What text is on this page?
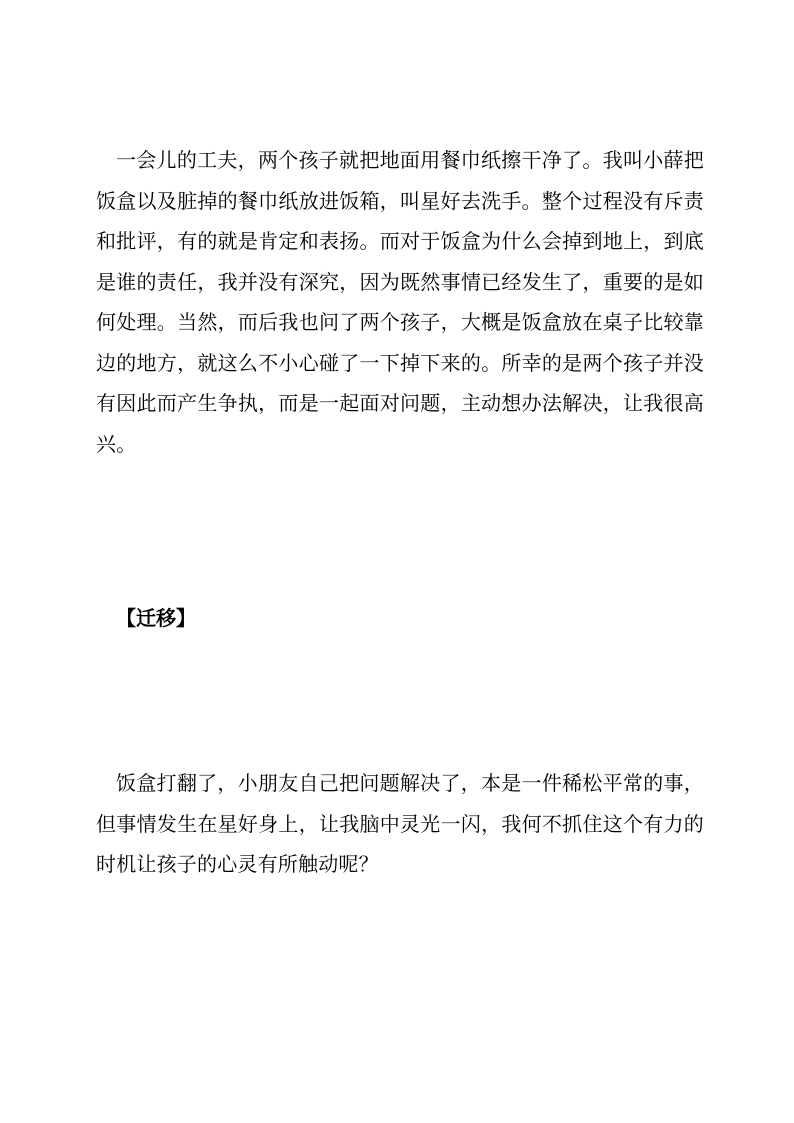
一会儿的工夫，两个孩子就把地面用餐巾纸擦干净了。我叫小薛把饭盒以及脏掉的餐巾纸放进饭箱，叫星好去洗手。整个过程没有斥责和批评，有的就是肯定和表扬。而对于饭盒为什么会掉到地上，到底是谁的责任，我并没有深究，因为既然事情已经发生了，重要的是如何处理。当然，而后我也问了两个孩子，大概是饭盒放在桌子比较靠边的地方，就这么不小心碰了一下掉下来的。所幸的是两个孩子并没有因此而产生争执，而是一起面对问题，主动想办法解决，让我很高兴。

【迁移】

饭盒打翻了，小朋友自己把问题解决了，本是一件稀松平常的事，但事情发生在星好身上，让我脑中灵光一闪，我何不抓住这个有力的时机让孩子的心灵有所触动呢？
